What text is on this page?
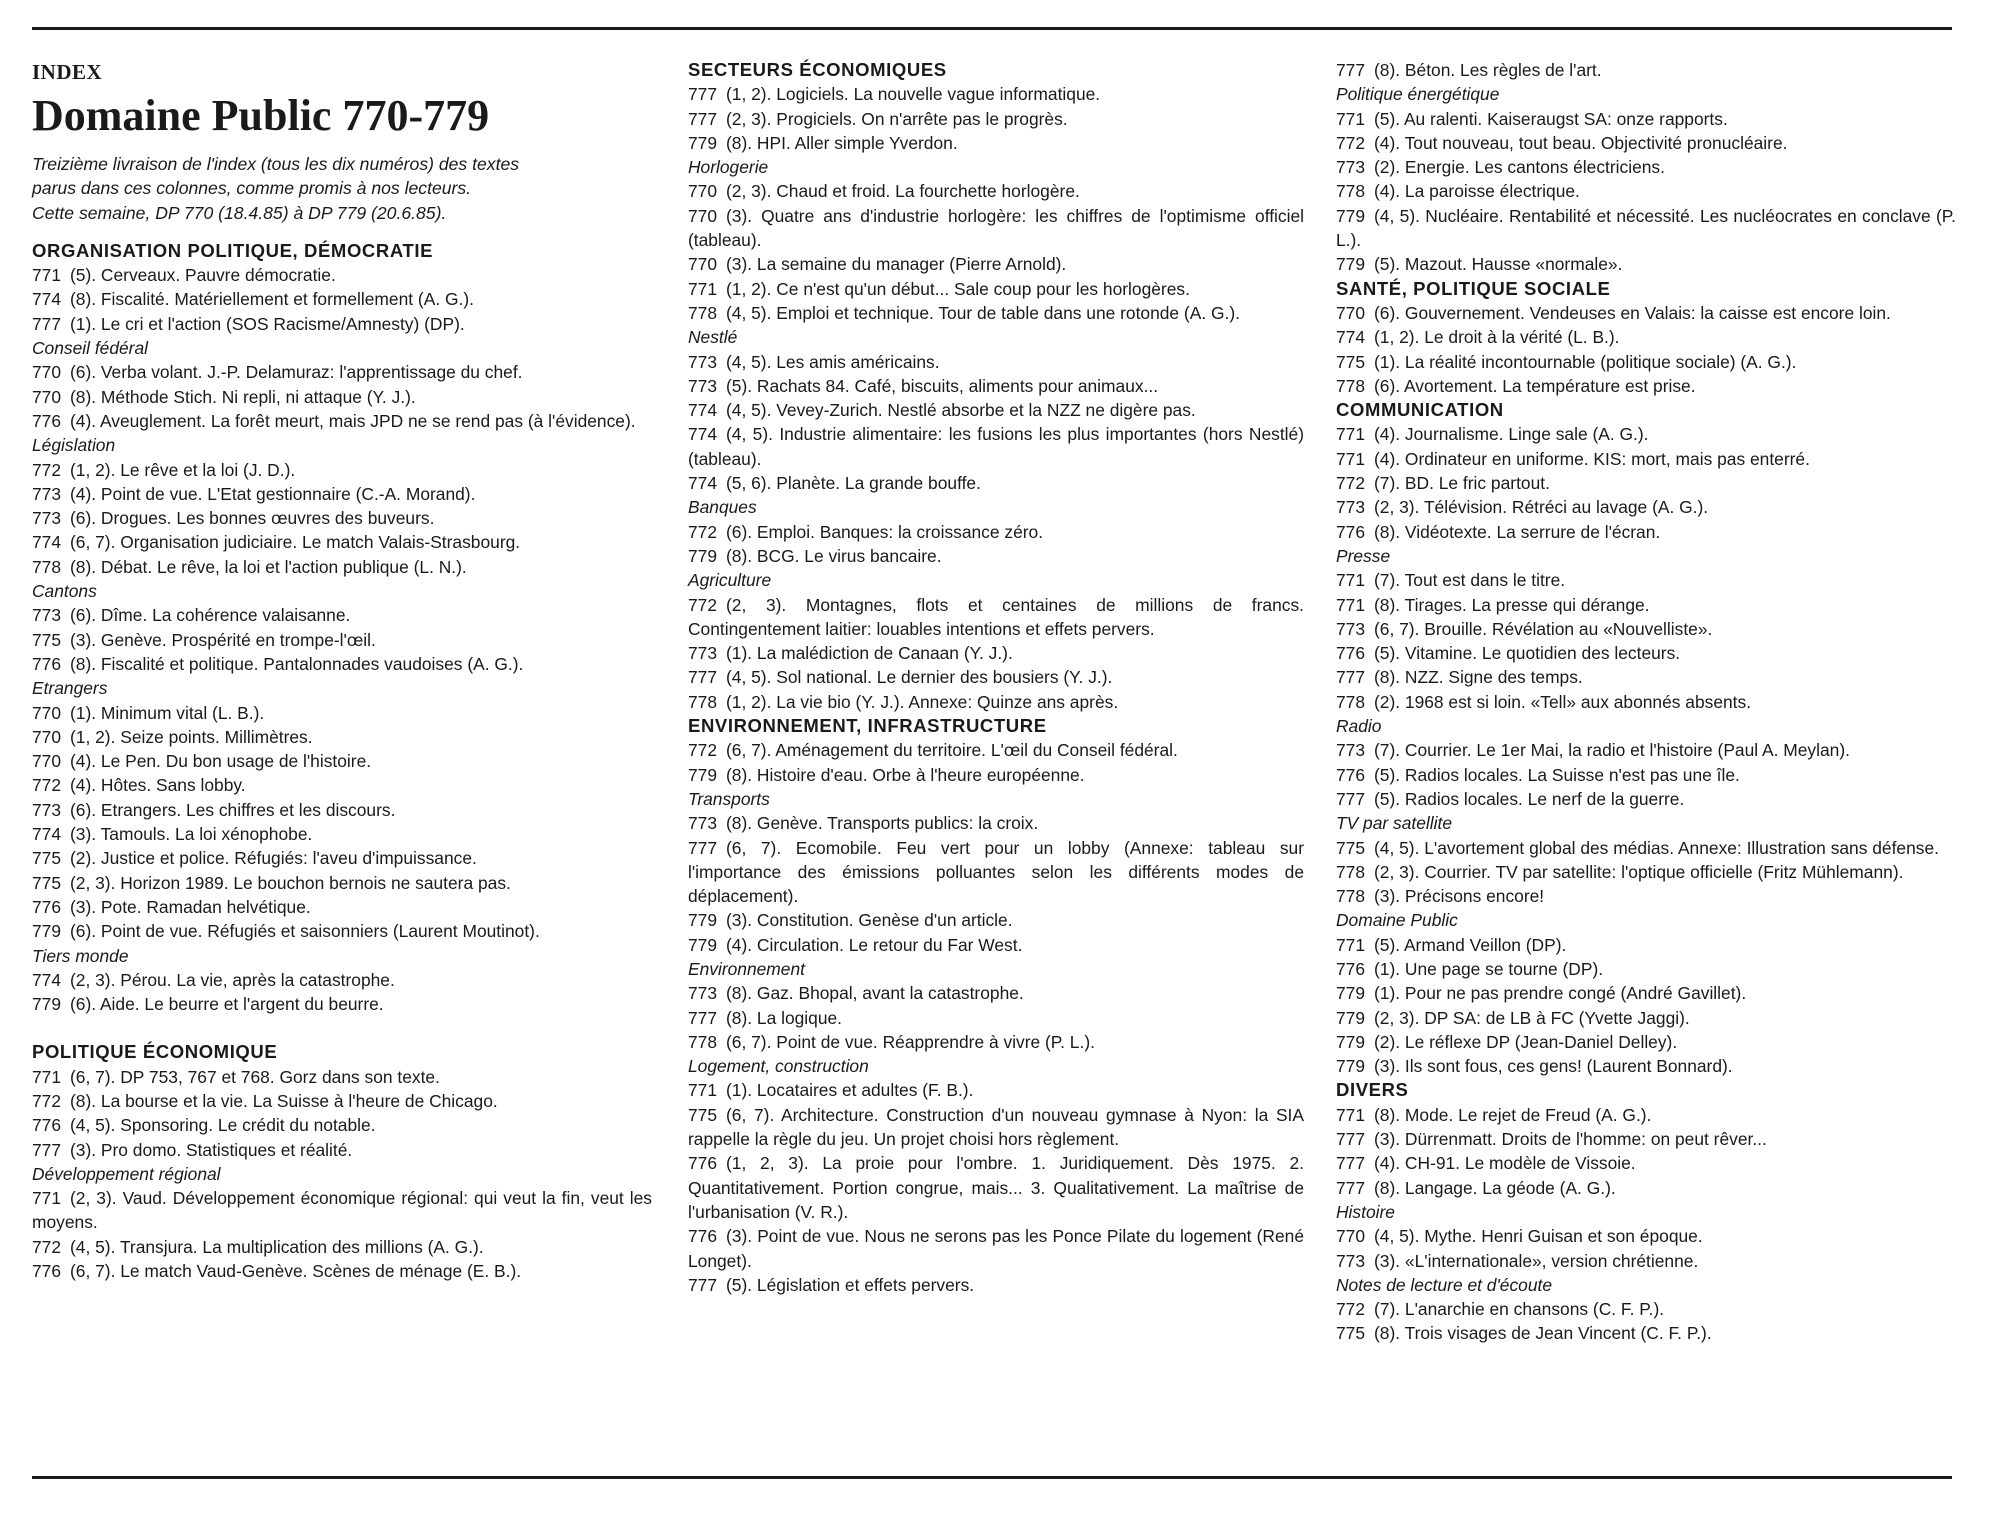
INDEX
Domaine Public 770-779
Treizième livraison de l'index (tous les dix numéros) des textes
parus dans ces colonnes, comme promis à nos lecteurs.
Cette semaine, DP 770 (18.4.85) à DP 779 (20.6.85).
ORGANISATION POLITIQUE, DÉMOCRATIE
771 (5). Cerveaux. Pauvre démocratie.
774 (8). Fiscalité. Matériellement et formellement (A. G.).
777 (1). Le cri et l'action (SOS Racisme/Amnesty) (DP).
Conseil fédéral
770 (6). Verba volant. J.-P. Delamuraz: l'apprentissage du chef.
770 (8). Méthode Stich. Ni repli, ni attaque (Y. J.).
776 (4). Aveuglement. La forêt meurt, mais JPD ne se rend pas (à l'évidence).
Législation
772 (1, 2). Le rêve et la loi (J. D.).
773 (4). Point de vue. L'Etat gestionnaire (C.-A. Morand).
773 (6). Drogues. Les bonnes œuvres des buveurs.
774 (6, 7). Organisation judiciaire. Le match Valais-Strasbourg.
778 (8). Débat. Le rêve, la loi et l'action publique (L. N.).
Cantons
773 (6). Dîme. La cohérence valaisanne.
775 (3). Genève. Prospérité en trompe-l'œil.
776 (8). Fiscalité et politique. Pantalonnades vaudoises (A. G.).
Etrangers
770 (1). Minimum vital (L. B.).
770 (1, 2). Seize points. Millimètres.
770 (4). Le Pen. Du bon usage de l'histoire.
772 (4). Hôtes. Sans lobby.
773 (6). Etrangers. Les chiffres et les discours.
774 (3). Tamouls. La loi xénophobe.
775 (2). Justice et police. Réfugiés: l'aveu d'impuissance.
775 (2, 3). Horizon 1989. Le bouchon bernois ne sautera pas.
776 (3). Pote. Ramadan helvétique.
779 (6). Point de vue. Réfugiés et saisonniers (Laurent Moutinot).
Tiers monde
774 (2, 3). Pérou. La vie, après la catastrophe.
779 (6). Aide. Le beurre et l'argent du beurre.
POLITIQUE ÉCONOMIQUE
771 (6, 7). DP 753, 767 et 768. Gorz dans son texte.
772 (8). La bourse et la vie. La Suisse à l'heure de Chicago.
776 (4, 5). Sponsoring. Le crédit du notable.
777 (3). Pro domo. Statistiques et réalité.
Développement régional
771 (2, 3). Vaud. Développement économique régional: qui veut la fin, veut les moyens.
772 (4, 5). Transjura. La multiplication des millions (A. G.).
776 (6, 7). Le match Vaud-Genève. Scènes de ménage (E. B.).
SECTEURS ÉCONOMIQUES
777 (1, 2). Logiciels. La nouvelle vague informatique.
777 (2, 3). Progiciels. On n'arrête pas le progrès.
779 (8). HPI. Aller simple Yverdon.
Horlogerie
770 (2, 3). Chaud et froid. La fourchette horlogère.
770 (3). Quatre ans d'industrie horlogère: les chiffres de l'optimisme officiel (tableau).
770 (3). La semaine du manager (Pierre Arnold).
771 (1, 2). Ce n'est qu'un début... Sale coup pour les horlogères.
778 (4, 5). Emploi et technique. Tour de table dans une rotonde (A. G.).
Nestlé
773 (4, 5). Les amis américains.
773 (5). Rachats 84. Café, biscuits, aliments pour animaux...
774 (4, 5). Vevey-Zurich. Nestlé absorbe et la NZZ ne digère pas.
774 (4, 5). Industrie alimentaire: les fusions les plus importantes (hors Nestlé) (tableau).
774 (5, 6). Planète. La grande bouffe.
Banques
772 (6). Emploi. Banques: la croissance zéro.
779 (8). BCG. Le virus bancaire.
Agriculture
772 (2, 3). Montagnes, flots et centaines de millions de francs. Contingentement laitier: louables intentions et effets pervers.
773 (1). La malédiction de Canaan (Y. J.).
777 (4, 5). Sol national. Le dernier des bousiers (Y. J.).
778 (1, 2). La vie bio (Y. J.). Annexe: Quinze ans après.
ENVIRONNEMENT, INFRASTRUCTURE
772 (6, 7). Aménagement du territoire. L'œil du Conseil fédéral.
779 (8). Histoire d'eau. Orbe à l'heure européenne.
Transports
773 (8). Genève. Transports publics: la croix.
777 (6, 7). Ecomobile. Feu vert pour un lobby (Annexe: tableau sur l'importance des émissions polluantes selon les différents modes de déplacement).
779 (3). Constitution. Genèse d'un article.
779 (4). Circulation. Le retour du Far West.
Environnement
773 (8). Gaz. Bhopal, avant la catastrophe.
777 (8). La logique.
778 (6, 7). Point de vue. Réapprendre à vivre (P. L.).
Logement, construction
771 (1). Locataires et adultes (F. B.).
775 (6, 7). Architecture. Construction d'un nouveau gymnase à Nyon: la SIA rappelle la règle du jeu. Un projet choisi hors règlement.
776 (1, 2, 3). La proie pour l'ombre. 1. Juridiquement. Dès 1975. 2. Quantitativement. Portion congrue, mais... 3. Qualitativement. La maîtrise de l'urbanisation (V. R.).
776 (3). Point de vue. Nous ne serons pas les Ponce Pilate du logement (René Longet).
777 (5). Législation et effets pervers.
777 (8). Béton. Les règles de l'art.
Politique énergétique
771 (5). Au ralenti. Kaiseraugst SA: onze rapports.
772 (4). Tout nouveau, tout beau. Objectivité pronucléaire.
773 (2). Energie. Les cantons électriciens.
778 (4). La paroisse électrique.
779 (4, 5). Nucléaire. Rentabilité et nécessité. Les nucléocrates en conclave (P. L.).
779 (5). Mazout. Hausse «normale».
SANTÉ, POLITIQUE SOCIALE
770 (6). Gouvernement. Vendeuses en Valais: la caisse est encore loin.
774 (1, 2). Le droit à la vérité (L. B.).
775 (1). La réalité incontournable (politique sociale) (A. G.).
778 (6). Avortement. La température est prise.
COMMUNICATION
771 (4). Journalisme. Linge sale (A. G.).
771 (4). Ordinateur en uniforme. KIS: mort, mais pas enterré.
772 (7). BD. Le fric partout.
773 (2, 3). Télévision. Rétréci au lavage (A. G.).
776 (8). Vidéotexte. La serrure de l'écran.
Presse
771 (7). Tout est dans le titre.
771 (8). Tirages. La presse qui dérange.
773 (6, 7). Brouille. Révélation au «Nouvelliste».
776 (5). Vitamine. Le quotidien des lecteurs.
777 (8). NZZ. Signe des temps.
778 (2). 1968 est si loin. «Tell» aux abonnés absents.
Radio
773 (7). Courrier. Le 1er Mai, la radio et l'histoire (Paul A. Meylan).
776 (5). Radios locales. La Suisse n'est pas une île.
777 (5). Radios locales. Le nerf de la guerre.
TV par satellite
775 (4, 5). L'avortement global des médias. Annexe: Illustration sans défense.
778 (2, 3). Courrier. TV par satellite: l'optique officielle (Fritz Mühlemann).
778 (3). Précisons encore!
Domaine Public
771 (5). Armand Veillon (DP).
776 (1). Une page se tourne (DP).
779 (1). Pour ne pas prendre congé (André Gavillet).
779 (2, 3). DP SA: de LB à FC (Yvette Jaggi).
779 (2). Le réflexe DP (Jean-Daniel Delley).
779 (3). Ils sont fous, ces gens! (Laurent Bonnard).
DIVERS
771 (8). Mode. Le rejet de Freud (A. G.).
777 (3). Dürrenmatt. Droits de l'homme: on peut rêver...
777 (4). CH-91. Le modèle de Vissoie.
777 (8). Langage. La géode (A. G.).
Histoire
770 (4, 5). Mythe. Henri Guisan et son époque.
773 (3). «L'internationale», version chrétienne.
Notes de lecture et d'écoute
772 (7). L'anarchie en chansons (C. F. P.).
775 (8). Trois visages de Jean Vincent (C. F. P.).
